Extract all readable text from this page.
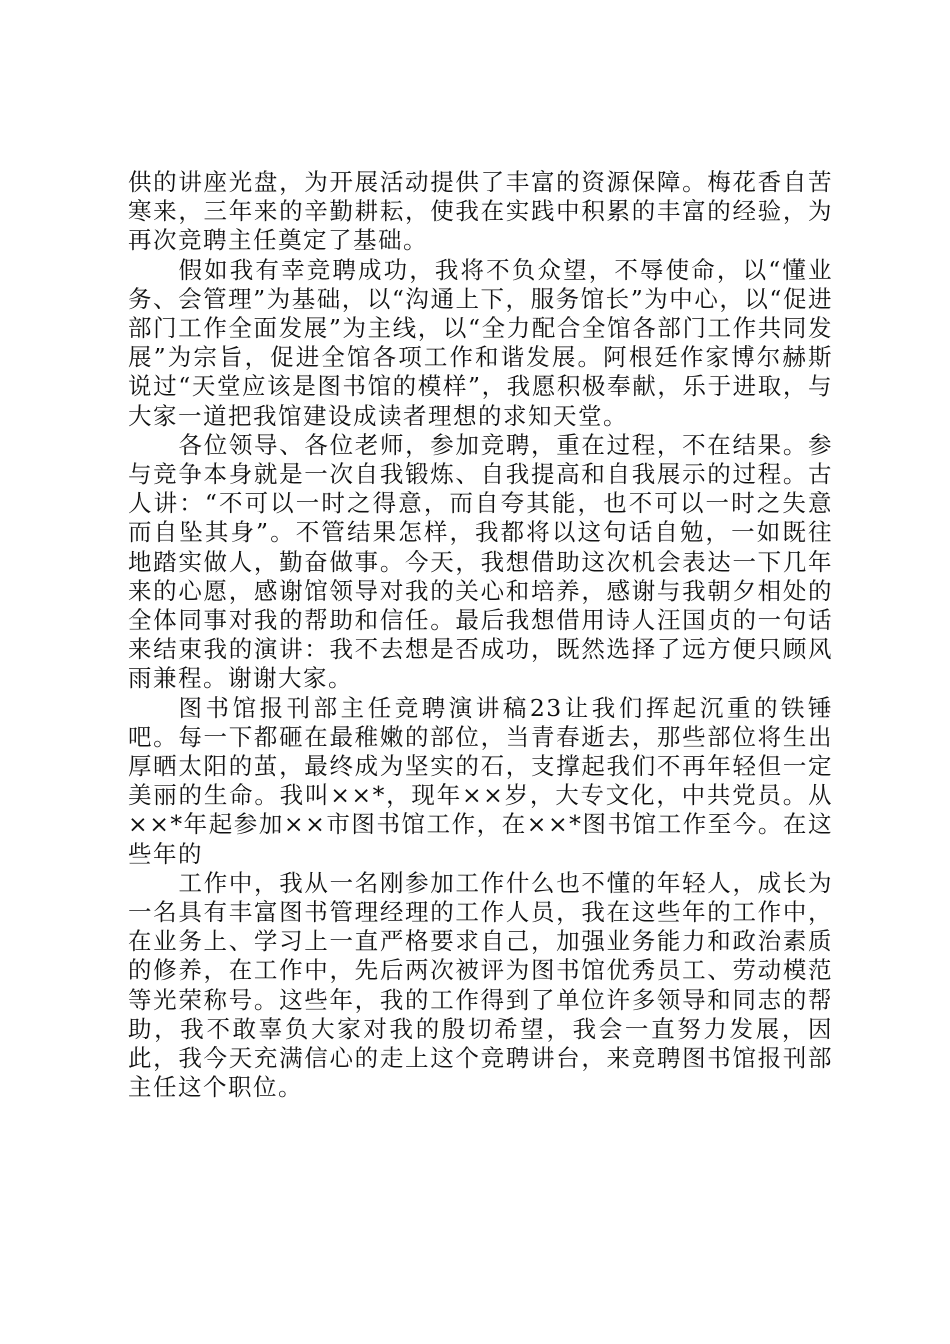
供的讲座光盘，为开展活动提供了丰富的资源保障。梅花香自苦寒来，三年来的辛勤耕耘，使我在实践中积累的丰富的经验，为再次竞聘主任奠定了基础。

假如我有幸竞聘成功，我将不负众望，不辱使命，以“懂业务、会管理”为基础，以“沟通上下，服务馆长”为中心，以“促进部门工作全面发展”为主线，以“全力配合全馆各部门工作共同发展”为宗旨，促进全馆各项工作和谐发展。阿根廷作家博尔赫斯说过“天堂应该是图书馆的模样”，我愿积极奉献，乐于进取，与大家一道把我馆建设成读者理想的求知天堂。

各位领导、各位老师，参加竞聘，重在过程，不在结果。参与竞争本身就是一次自我锻炼、自我提高和自我展示的过程。古人讲：“不可以一时之得意，而自夸其能，也不可以一时之失意而自坠其身”。不管结果怎样，我都将以这句话自勉，一如既往地踏实做人，勤奋做事。今天，我想借助这次机会表达一下几年来的心愿，感谢馆领导对我的关心和培养，感谢与我朝夕相处的全体同事对我的帮助和信任。最后我想借用诗人汪国贞的一句话来结束我的演讲：我不去想是否成功，既然选择了远方便只顾风雨兼程。谢谢大家。

图书馆报刊部主任竞聘演讲稿23让我们挥起沉重的铁锤吧。每一下都砸在最稚嫩的部位，当青春逝去，那些部位将生出厚晒太阳的茧，最终成为坚实的石，支撑起我们不再年轻但一定美丽的生命。我叫××*，现年××岁，大专文化，中共党员。从××*年起参加××市图书馆工作，在××*图书馆工作至今。在这些年的

工作中，我从一名刚参加工作什么也不懂的年轻人，成长为一名具有丰富图书管理经理的工作人员，我在这些年的工作中，在业务上、学习上一直严格要求自己，加强业务能力和政治素质的修养，在工作中，先后两次被评为图书馆优秀员工、劳动模范等光荣称号。这些年，我的工作得到了单位许多领导和同志的帮助，我不敢辜负大家对我的殷切希望，我会一直努力发展，因此，我今天充满信心的走上这个竞聘讲台，来竞聘图书馆报刊部主任这个职位。
